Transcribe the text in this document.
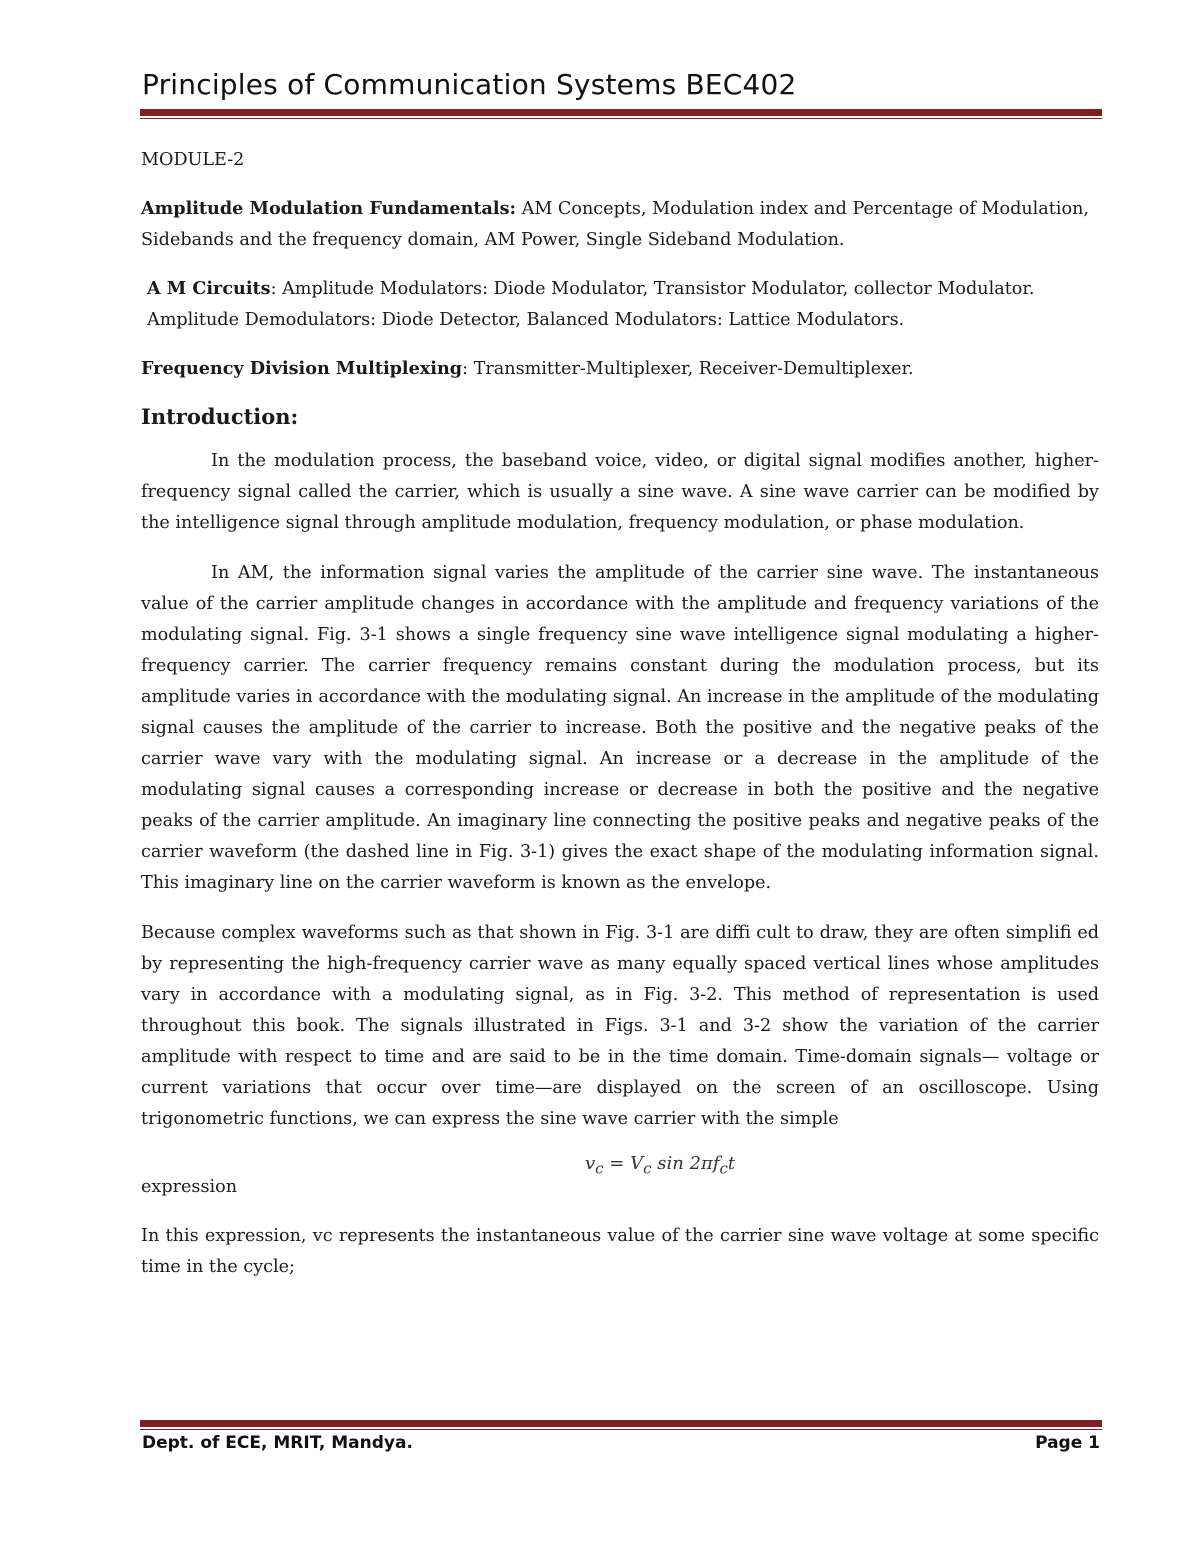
Principles of Communication Systems BEC402

MODULE-2

Amplitude Modulation Fundamentals: AM Concepts, Modulation index and Percentage of Modulation, Sidebands and the frequency domain, AM Power, Single Sideband Modulation.

A M Circuits: Amplitude Modulators: Diode Modulator, Transistor Modulator, collector Modulator. Amplitude Demodulators: Diode Detector, Balanced Modulators: Lattice Modulators.

Frequency Division Multiplexing: Transmitter-Multiplexer, Receiver-Demultiplexer.

Introduction:

In the modulation process, the baseband voice, video, or digital signal modifies another, higher-frequency signal called the carrier, which is usually a sine wave. A sine wave carrier can be modified by the intelligence signal through amplitude modulation, frequency modulation, or phase modulation.

In AM, the information signal varies the amplitude of the carrier sine wave. The instantaneous value of the carrier amplitude changes in accordance with the amplitude and frequency variations of the modulating signal. Fig. 3-1 shows a single frequency sine wave intelligence signal modulating a higher-frequency carrier. The carrier frequency remains constant during the modulation process, but its amplitude varies in accordance with the modulating signal. An increase in the amplitude of the modulating signal causes the amplitude of the carrier to increase. Both the positive and the negative peaks of the carrier wave vary with the modulating signal. An increase or a decrease in the amplitude of the modulating signal causes a corresponding increase or decrease in both the positive and the negative peaks of the carrier amplitude. An imaginary line connecting the positive peaks and negative peaks of the carrier waveform (the dashed line in Fig. 3-1) gives the exact shape of the modulating information signal. This imaginary line on the carrier waveform is known as the envelope.

Because complex waveforms such as that shown in Fig. 3-1 are diffi cult to draw, they are often simplifi ed by representing the high-frequency carrier wave as many equally spaced vertical lines whose amplitudes vary in accordance with a modulating signal, as in Fig. 3-2. This method of representation is used throughout this book. The signals illustrated in Figs. 3-1 and 3-2 show the variation of the carrier amplitude with respect to time and are said to be in the time domain. Time-domain signals— voltage or current variations that occur over time—are displayed on the screen of an oscilloscope. Using trigonometric functions, we can express the sine wave carrier with the simple

expression
$v_c = V_c$ $\sin 2\pi f_ct$

In this expression, vc represents the instantaneous value of the carrier sine wave voltage at some specific time in the cycle;

Dept. of ECE, MRIT, Mandya.	Page 1
